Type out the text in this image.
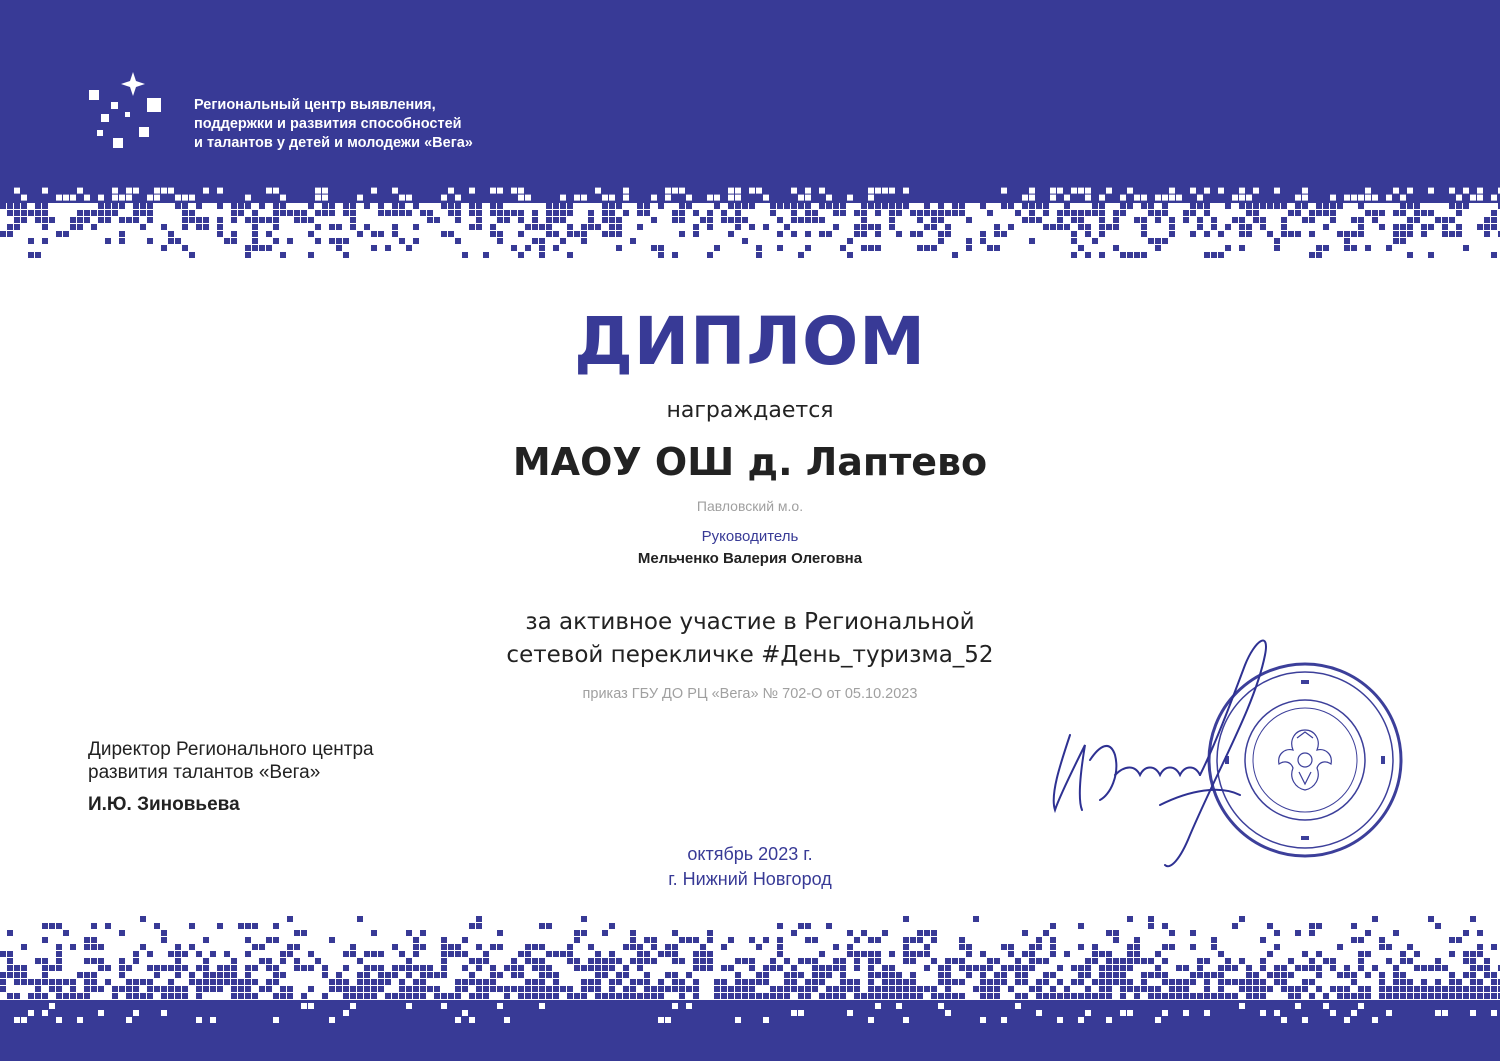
Региональный центр выявления,
поддержки и развития способностей
и талантов у детей и молодежи «Вега»
ДИПЛОМ
награждается
МАОУ ОШ д. Лаптево
Павловский м.о.
Руководитель
Мельченко Валерия Олеговна
за активное участие в Региональной
сетевой перекличке #День_туризма_52
приказ ГБУ ДО РЦ «Вега» № 702-О от 05.10.2023
Директор Регионального центра
развития талантов «Вега»
И.Ю. Зиновьева
октябрь 2023 г.
г. Нижний Новгород
